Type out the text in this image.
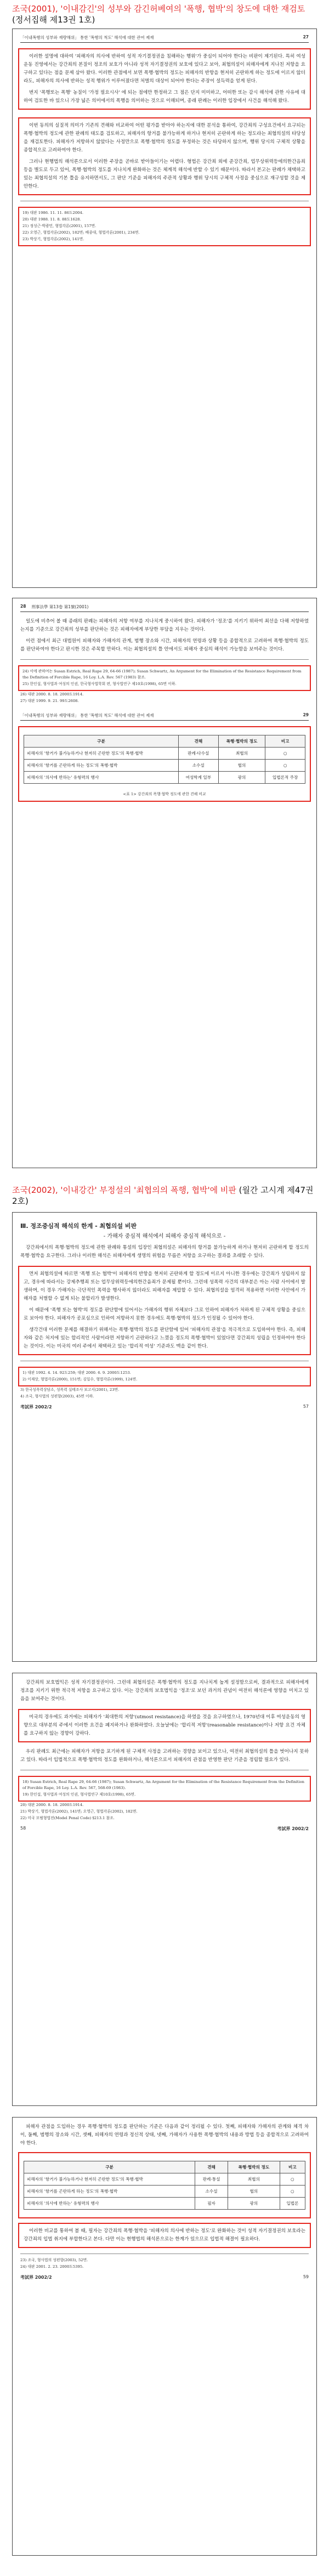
조국(2001), '이내감긴'의 성부와 감긴허베여의 '폭행, 협박'의 창도에 대한 재검토 (정서집해 제13권 1호)
「이내폭행의 성부와 재량해위」 통한 '폭행의 척도' 해석에 대한 관여 제재	27

이러한 설명에 대하여 '피해자의 의사에 반하여 성적 자기결정권을 침해하는 행위'가 중심이 되어야 한다는 비판이 제기된다. 특히 여성운동 진영에서는 강간죄의 본질이 정조의 보호가 아니라 성적 자기결정권의 보호에 있다고 보아, 최협의설이 피해자에게 지나친 저항을 요구하고 있다는 점을 문제 삼아 왔다. 이러한 관점에서 보면 폭행·협박의 정도는 피해자의 반항을 현저히 곤란하게 하는 정도에 이르지 않더라도, 피해자의 의사에 반하는 성적 행위가 이루어졌다면 처벌의 대상이 되어야 한다는 주장이 설득력을 얻게 된다.

번지 '폭행또는 폭행' 농질이 '가정 필요시사' 에 되는 점에만 한정하고 그 점은 단지 미미하고, 어떠한 또는 감시 해석에 관한 사유에 대하여 검토한 바 있으니 가장 넓은 의미에서의 폭행을 의미하는 것으로 이해되며, 종래 판례는 이러한 입장에서 사건을 해석해 왔다.

이번 동의의 실질적 의미가 기존의 견해와 비교하여 어떤 평가를 받아야 하는지에 대한 분석을 통하여, 강간죄의 구성요건에서 요구되는 폭행·협박의 정도에 관한 판례의 태도를 검토하고, 피해자의 항거를 불가능하게 하거나 현저히 곤란하게 하는 정도라는 최협의설의 타당성을 재검토한다. 피해자가 저항하지 않았다는 사정만으로 폭행·협박의 정도를 부정하는 것은 타당하지 않으며, 행위 당시의 구체적 상황을 종합적으로 고려하여야 한다.

그러나 현행법의 해석론으로서 이러한 주장을 곧바로 받아들이기는 어렵다. 형법은 강간죄 외에 준강간죄, 업무상위력등에의한간음죄 등을 별도로 두고 있어, 폭행·협박의 정도를 지나치게 완화하는 것은 체계적 해석에 반할 수 있기 때문이다. 따라서 본고는 판례가 채택하고 있는 최협의설의 기본 틀을 유지하면서도, 그 판단 기준을 피해자의 주관적 상황과 행위 당시의 구체적 사정을 중심으로 재구성할 것을 제안한다.

19) 대판 1986. 11. 11. 86도2004.
20) 대판 1988. 11. 8. 88도1628.
21) 정성근·박광민, 형법각론(2001), 157면.
22) 오영근, 형법각론(2002), 182면; 배종대, 형법각론(2001), 234면.
23) 박상기, 형법각론(2002), 141면.
28 刑事法學 第13卷 第1號(2001)

일도에 비추어 볼 때 종래의 판례는 피해자의 저항 여부를 지나치게 중시하여 왔다. 피해자가 '정조'를 지키기 위하여 최선을 다해 저항하였는지를 기준으로 강간죄의 성부를 판단하는 것은 피해자에게 부당한 부담을 지우는 것이다.

이런 점에서 최근 대법원이 피해자와 가해자의 관계, 범행 장소와 시간, 피해자의 연령과 상황 등을 종합적으로 고려하여 폭행·협박의 정도를 판단하여야 한다고 판시한 것은 주목할 만하다. 이는 최협의설의 틀 안에서도 피해자 중심의 해석이 가능함을 보여주는 것이다.

24) 이에 관하여는 Susan Estrich, Real Rape 29, 64-66 (1987); Susan Schwartz, An Argument for the Elimination of the Resistance Requirement from the Definition of Forcible Rape, 16 Loy. L.A. Rev. 567 (1983) 참조.
25) 한인섭, 형사법과 여성의 인권, 한국형사법학회 편, 형사법연구 제10호(1998), 65면 이하.
26) 대판 2000. 8. 18. 2000도1914.
27) 대판 1999. 9. 21. 99도2608.
「이내폭행의 성부와 재량해위」 통한 '폭행의 척도' 해석에 대한 관여 제재	29
구분	견해	폭행·협박의 정도	비고
피해자의 '항거가 불가능하거나 현저히 곤란한 정도'의 폭행·협박	판례·다수설	최협의	○
피해자의 '항거를 곤란하게 하는 정도'의 폭행·협박	소수설	협의	○
피해자의 '의사에 반하는' 유형력의 행사	여성학계 일부	광의	입법론적 주장
<표 1> 강간죄의 폭행·협박 정도에 관한 견해 비교
조국(2002), '이내강간' 부정설의 '최협의의 폭행, 협박'에 비판 (월간 고시계 제47권 2호)
Ⅲ. 정조중심적 해석의 한계 - 최협의설 비판
- 가해자 중심적 해석에서 피해자 중심적 해석으로 -

강간죄에서의 폭행·협박의 정도에 관한 판례와 통설의 입장인 최협의설은 피해자의 항거를 불가능하게 하거나 현저히 곤란하게 할 정도의 폭행·협박을 요구한다. 그러나 이러한 해석은 피해자에게 생명의 위험을 무릅쓴 저항을 요구하는 결과를 초래할 수 있다.

먼저 최협의설에 따르면 '폭행 또는 협박'이 피해자의 반항을 현저히 곤란하게 할 정도에 이르지 아니한 경우에는 강간죄가 성립하지 않고, 경우에 따라서는 강제추행죄 또는 업무상위력등에의한간음죄가 문제될 뿐이다. 그런데 성폭력 사건의 대부분은 아는 사람 사이에서 발생하며, 이 경우 가해자는 극단적인 폭력을 행사하지 않더라도 피해자를 제압할 수 있다. 최협의설을 엄격히 적용하면 이러한 사안에서 가해자를 처벌할 수 없게 되는 불합리가 발생한다.

이 때문에 '폭행 또는 협박'의 정도를 판단함에 있어서는 가해자의 행위 자체보다 그로 인하여 피해자가 처하게 된 구체적 상황을 중심으로 보아야 한다. 피해자가 공포심으로 인하여 저항하지 못한 경우에도 폭행·협박의 정도가 인정될 수 있어야 한다.

생각건대 이러한 문제를 해결하기 위해서는 폭행·협박의 정도를 판단함에 있어 '피해자의 관점'을 적극적으로 도입하여야 한다. 즉, 피해자와 같은 처지에 있는 합리적인 사람이라면 저항하기 곤란하다고 느꼈을 정도의 폭행·협박이 있었다면 강간죄의 성립을 인정하여야 한다는 것이다. 이는 미국의 여러 주에서 채택하고 있는 '합리적 여성' 기준과도 맥을 같이 한다.

1) 대판 1992. 4. 14. 92도259; 대판 2000. 6. 9. 2000도1253.
2) 이재상, 형법각론(2000), 151면; 김일수, 형법각론(1999), 124면.
3) 한국성폭력상담소, 성폭력 실태조사 보고서(2001), 23면.
4) 조국, 형사법의 성편향(2003), 45면 이하.
考試界 2002/2	57

강간죄의 보호법익은 성적 자기결정권이다. 그런데 최협의설은 폭행·협박의 정도를 지나치게 높게 설정함으로써, 결과적으로 피해자에게 정조를 지키기 위한 적극적 저항을 요구하고 있다. 이는 강간죄의 보호법익을 '정조'로 보던 과거의 관념이 여전히 해석론에 영향을 미치고 있음을 보여주는 것이다.

미국의 경우에도 과거에는 피해자가 '최대한의 저항'(utmost resistance)을 하였을 것을 요구하였으나, 1970년대 이후 여성운동의 영향으로 대부분의 주에서 이러한 요건을 폐지하거나 완화하였다. 오늘날에는 '합리적 저항'(reasonable resistance)이나 저항 요건 자체를 요구하지 않는 경향이 강하다.

우리 판례도 최근에는 피해자가 저항을 포기하게 된 구체적 사정을 고려하는 경향을 보이고 있으나, 여전히 최협의설의 틀을 벗어나지 못하고 있다. 따라서 입법적으로 폭행·협박의 정도를 완화하거나, 해석론으로서 피해자의 관점을 반영한 판단 기준을 정립할 필요가 있다.

18) Susan Estrich, Real Rape 29, 64-66 (1987); Susan Schwartz, An Argument for the Elimination of the Resistance Requirement from the Definition of Forcible Rape, 16 Loy. L.A. Rev. 567, 568-69 (1983).
19) 한인섭, 형사법과 여성의 인권, 형사법연구 제10호(1998), 65면.
20) 대판 2000. 8. 18. 2000도1914.
21) 박상기, 형법각론(2002), 141면; 오영근, 형법각론(2002), 182면.
22) 미국 모범형법전(Model Penal Code) §213.1 참조.
58	考試界 2002/2

피해자 관점을 도입하는 경우 폭행·협박의 정도를 판단하는 기준은 다음과 같이 정리될 수 있다. 첫째, 피해자와 가해자의 관계와 체격 차이, 둘째, 범행의 장소와 시간, 셋째, 피해자의 연령과 정신적 상태, 넷째, 가해자가 사용한 폭행·협박의 내용과 방법 등을 종합적으로 고려하여야 한다.

구분	견해	폭행·협박의 정도	비고
피해자의 '항거가 불가능하거나 현저히 곤란한 정도'의 폭행·협박	판례·통설	최협의	○
피해자의 '항거를 곤란하게 하는 정도'의 폭행·협박	소수설	협의	○
피해자의 '의사에 반하는' 유형력의 행사	필자	광의	입법론

이러한 비교를 통하여 볼 때, 필자는 강간죄의 폭행·협박을 '피해자의 의사에 반하는 정도'로 완화하는 것이 성적 자기결정권의 보호라는 강간죄의 입법 취지에 부합한다고 본다. 다만 이는 현행법의 해석론으로는 한계가 있으므로 입법적 해결이 필요하다.

23) 조국, 형사법의 성편향(2003), 52면.
24) 대판 2001. 2. 23. 2000도5395.
考試界 2002/2	59
